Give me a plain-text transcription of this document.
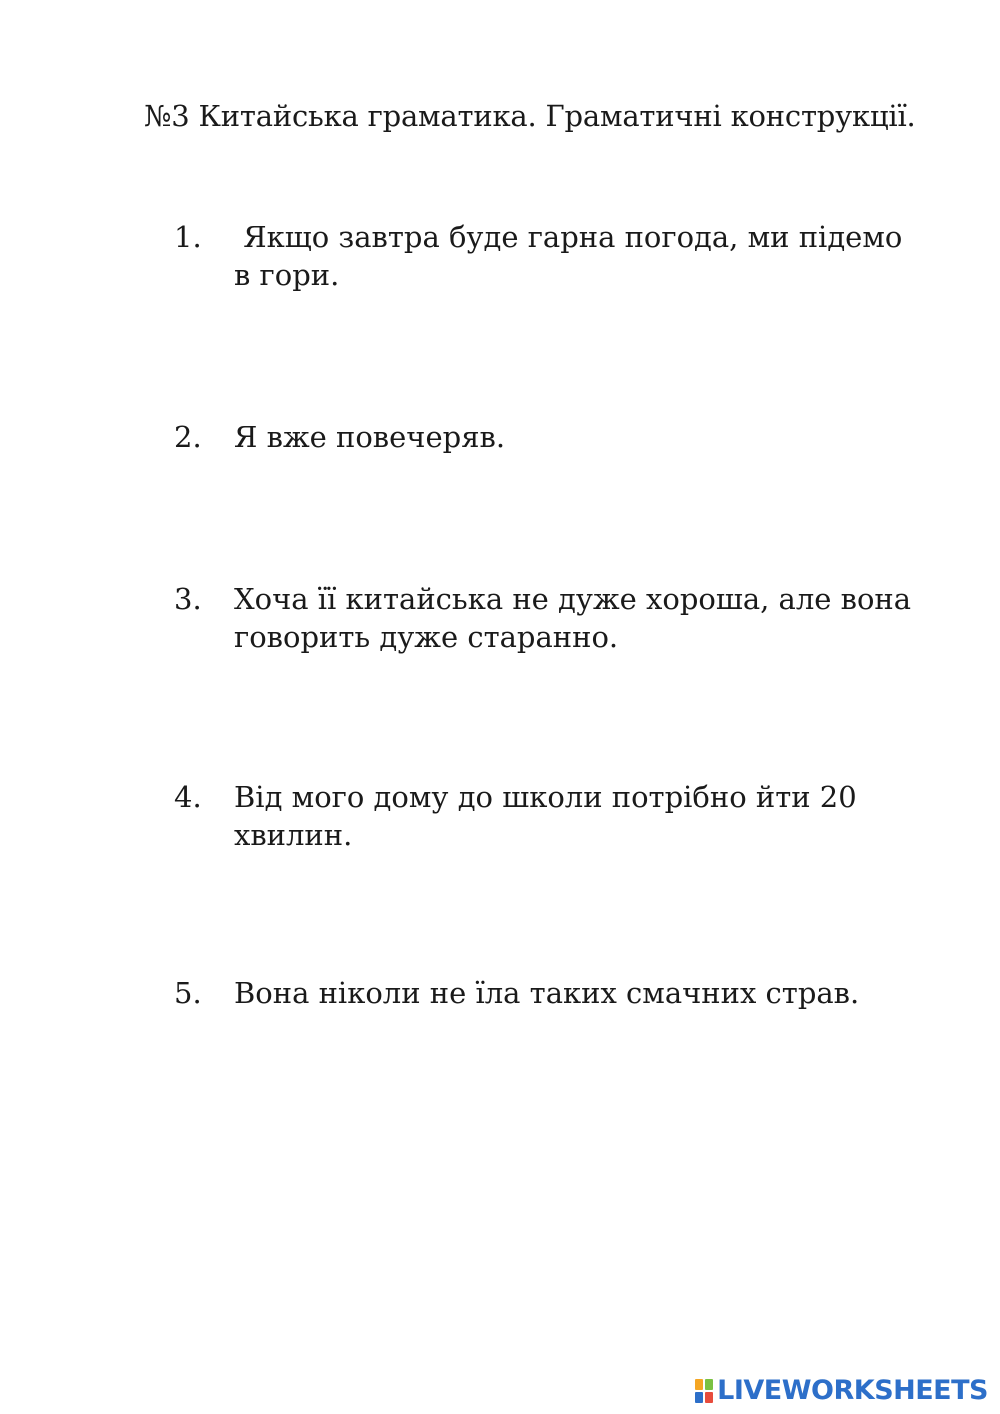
№3 Китайська граматика. Граматичні конструкції.
1. Якщо завтра буде гарна погода, ми підемо в гори.
2. Я вже повечеряв.
3. Хоча її китайська не дуже хороша, але вона говорить дуже старанно.
4. Від мого дому до школи потрібно йти 20 хвилин.
5. Вона ніколи не їла таких смачних страв.
LIVEWORKSHEETS
